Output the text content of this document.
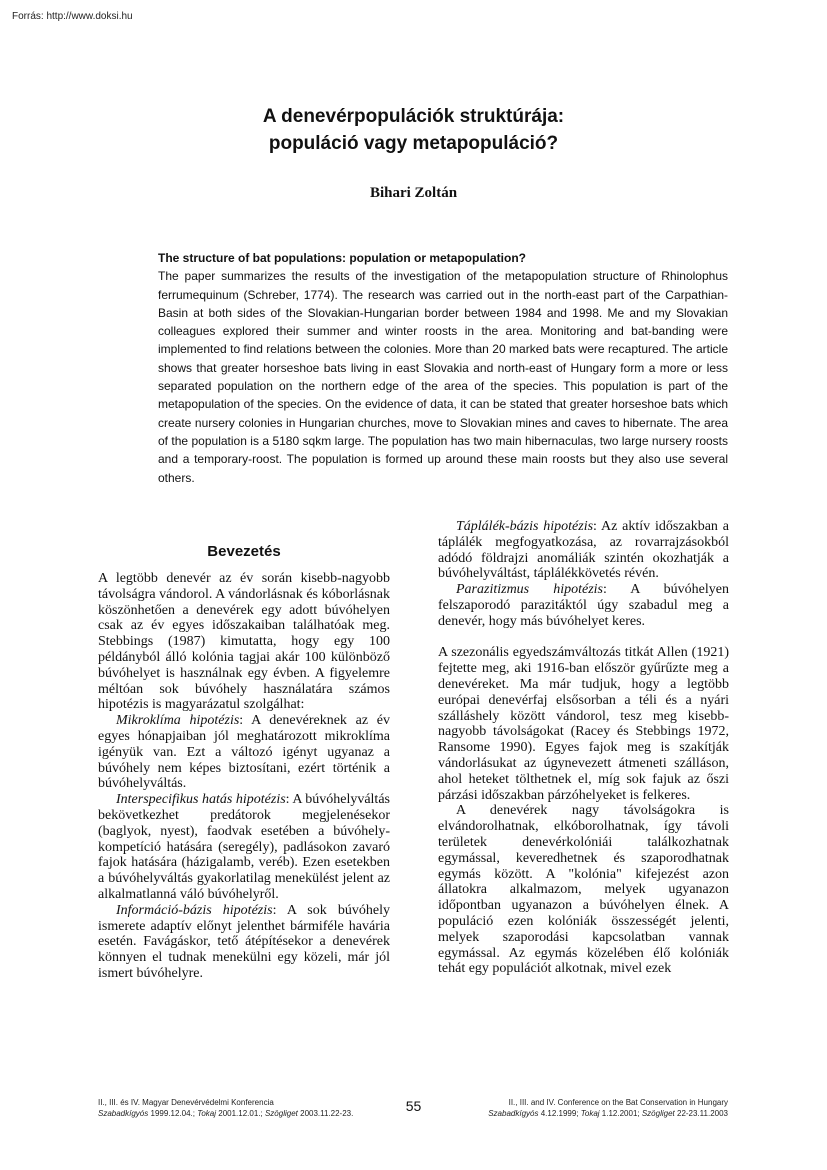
Forrás: http://www.doksi.hu
A denevérpopulációk struktúrája:
populáció vagy metapopuláció?
Bihari Zoltán
The structure of bat populations: population or metapopulation?
The paper summarizes the results of the investigation of the metapopulation structure of Rhinolophus ferrumequinum (Schreber, 1774). The research was carried out in the north-east part of the Carpathian-Basin at both sides of the Slovakian-Hungarian border between 1984 and 1998. Me and my Slovakian colleagues explored their summer and winter roosts in the area. Monitoring and bat-banding were implemented to find relations between the colonies. More than 20 marked bats were recaptured. The article shows that greater horseshoe bats living in east Slovakia and north-east of Hungary form a more or less separated population on the northern edge of the area of the species. This population is part of the metapopulation of the species. On the evidence of data, it can be stated that greater horseshoe bats which create nursery colonies in Hungarian churches, move to Slovakian mines and caves to hibernate. The area of the population is a 5180 sqkm large. The population has two main hibernaculas, two large nursery roosts and a temporary-roost. The population is formed up around these main roosts but they also use several others.
Bevezetés

A legtöbb denevér az év során kisebb-nagyobb távolságra vándorol. A vándorlásnak és kóborlásnak köszönhetően a denevérek egy adott búvóhelyen csak az év egyes időszakaiban találhatóak meg. Stebbings (1987) kimutatta, hogy egy 100 példányból álló kolónia tagjai akár 100 különböző búvóhelyet is használnak egy évben. A figyelemre méltóan sok búvóhely használatára számos hipotézis is magyarázatul szolgálhat:

Mikroklíma hipotézis: A denevéreknek az év egyes hónapjaiban jól meghatározott mikroklíma igényük van. Ezt a változó igényt ugyanaz a búvóhely nem képes biztosítani, ezért történik a búvóhelyváltás.

Interspecifikus hatás hipotézis: A búvóhelyváltás bekövetkezhet predátorok megjelenésekor (baglyok, nyest), faodvak esetében a búvóhely-kompetíció hatására (seregély), padlásokon zavaró fajok hatására (házigalamb, veréb). Ezen esetekben a búvóhelyváltás gyakorlatilag menekülést jelent az alkalmatlanná váló búvóhelyről.

Információ-bázis hipotézis: A sok búvóhely ismerete adaptív előnyt jelenthet bármiféle havária esetén. Favágáskor, tető átépítésekor a denevérek könnyen el tudnak menekülni egy közeli, már jól ismert búvóhelyre.

Táplálék-bázis hipotézis: Az aktív időszakban a táplálék megfogyatkozása, az rovarrajzásokból adódó földrajzi anomáliák szintén okozhatják a búvóhelyváltást, táplálékkövetés révén.

Parazitizmus hipotézis: A búvóhelyen felszaporodó parazitáktól úgy szabadul meg a denevér, hogy más búvóhelyet keres.

A szezonális egyedszámváltozás titkát Allen (1921) fejtette meg, aki 1916-ban először gyűrűzte meg a denevéreket. Ma már tudjuk, hogy a legtöbb európai denevérfaj elsősorban a téli és a nyári szálláshely között vándorol, tesz meg kisebb-nagyobb távolságokat (Racey és Stebbings 1972, Ransome 1990). Egyes fajok meg is szakítják vándorlásukat az úgynevezett átmeneti szálláson, ahol heteket tölthetnek el, míg sok fajuk az őszi párzási időszakban párzóhelyeket is felkeres.

A denevérek nagy távolságokra is elvándorolhatnak, elkóborolhatnak, így távoli területek denevérkolóniái találkozhatnak egymással, keveredhetnek és szaporodhatnak egymás között. A "kolónia" kifejezést azon állatokra alkalmazom, melyek ugyanazon időpontban ugyanazon a búvóhelyen élnek. A populáció ezen kolóniák összességét jelenti, melyek szaporodási kapcsolatban vannak egymással. Az egymás közelében élő kolóniák tehát egy populációt alkotnak, mivel ezek

II., III. és IV. Magyar Denevérvédelmi Konferencia
Szabadkígyós 1999.12.04.; Tokaj 2001.12.01.; Szögliget 2003.11.22-23.	55	II., III. and IV. Conference on the Bat Conservation in Hungary
Szabadkígyós 4.12.1999; Tokaj 1.12.2001; Szögliget 22-23.11.2003
